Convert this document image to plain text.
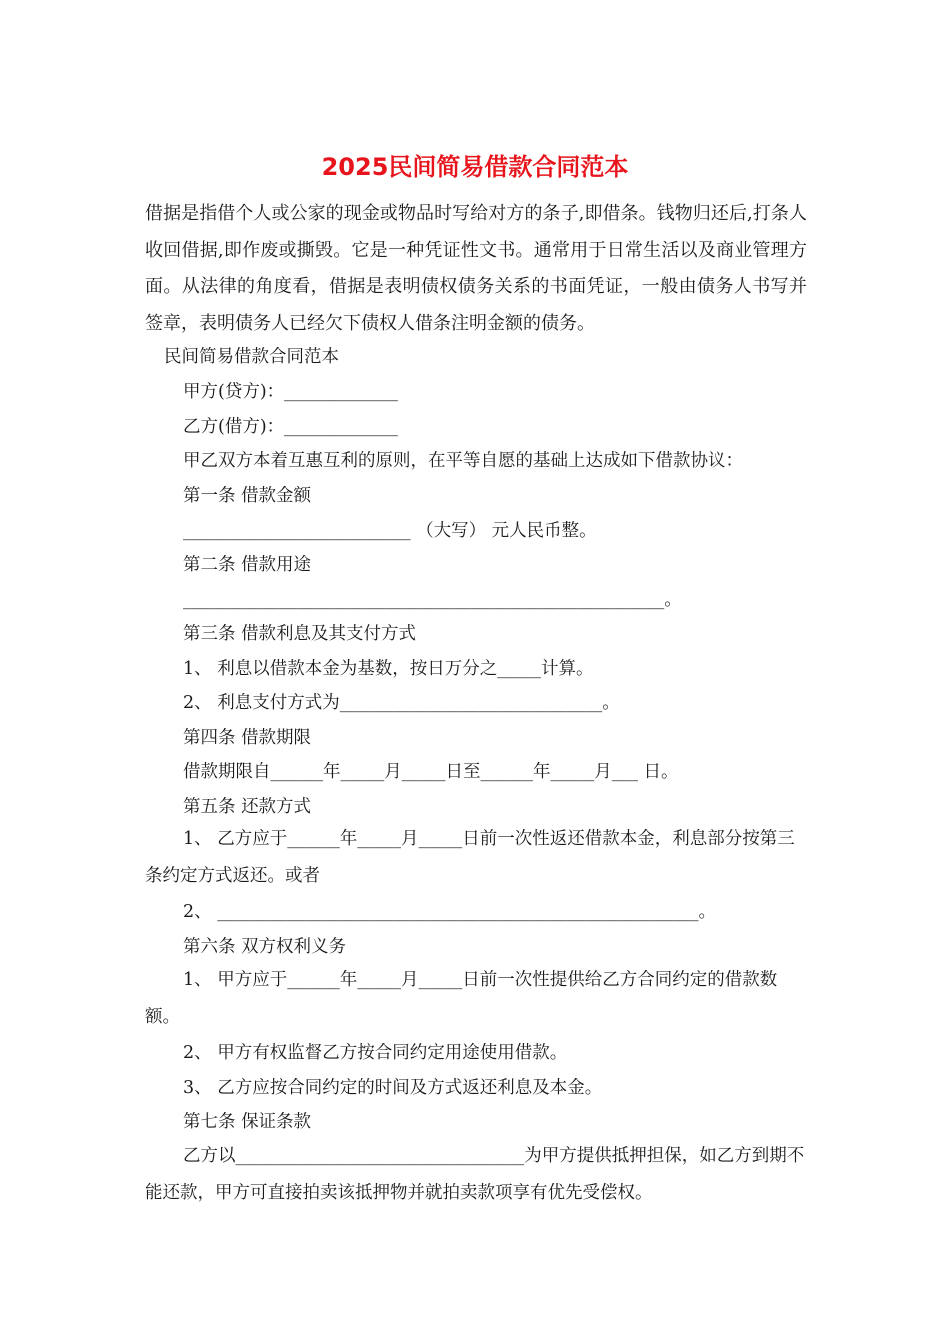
2025民间简易借款合同范本

借据是指借个人或公家的现金或物品时写给对方的条子,即借条。钱物归还后,打条人收回借据,即作废或撕毁。它是一种凭证性文书。通常用于日常生活以及商业管理方面。从法律的角度看，借据是表明债权债务关系的书面凭证，一般由债务人书写并签章，表明债务人已经欠下债权人借条注明金额的债务。

民间简易借款合同范本

甲方(贷方)：_____________

乙方(借方)：_____________

甲乙双方本着互惠互利的原则，在平等自愿的基础上达成如下借款协议：

第一条 借款金额

__________________________ （大写） 元人民币整。

第二条 借款用途

_______________________________________________________。

第三条 借款利息及其支付方式

1、 利息以借款本金为基数，按日万分之_____计算。

2、 利息支付方式为______________________________。

第四条 借款期限

借款期限自______年_____月_____日至______年_____月___ 日。

第五条 还款方式

1、 乙方应于______年_____月_____日前一次性返还借款本金，利息部分按第三条约定方式返还。或者

2、 _______________________________________________________。

第六条 双方权利义务

1、 甲方应于______年_____月_____日前一次性提供给乙方合同约定的借款数额。

2、 甲方有权监督乙方按合同约定用途使用借款。

3、 乙方应按合同约定的时间及方式返还利息及本金。

第七条 保证条款

乙方以_________________________________为甲方提供抵押担保，如乙方到期不能还款，甲方可直接拍卖该抵押物并就拍卖款项享有优先受偿权。
